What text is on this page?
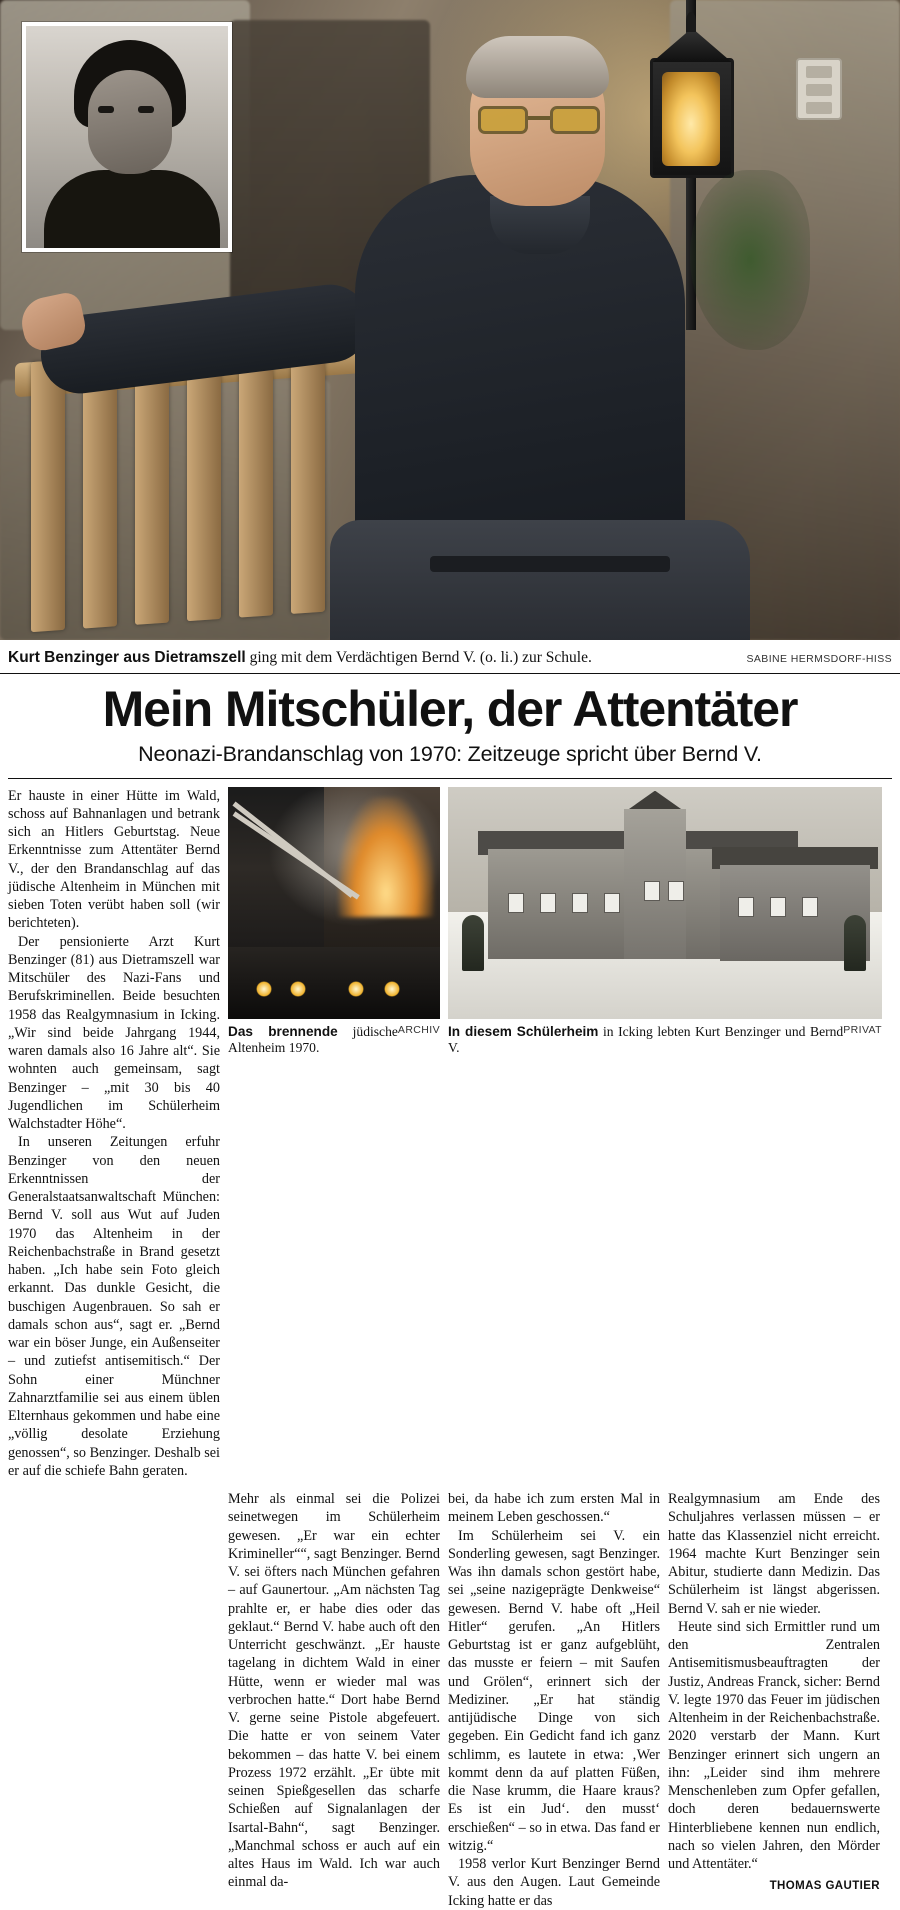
Kurt Benzinger aus Dietramszell ging mit dem Verdächtigen Bernd V. (o. li.) zur Schule.	SABINE HERMSDORF-HISS
Mein Mitschüler, der Attentäter
Neonazi-Brandanschlag von 1970: Zeitzeuge spricht über Bernd V.

Er hauste in einer Hütte im Wald, schoss auf Bahnanlagen und betrank sich an Hitlers Geburtstag. Neue Erkenntnisse zum Attentäter Bernd V., der den Brandanschlag auf das jüdische Altenheim in München mit sieben Toten verübt haben soll (wir berichteten).

Der pensionierte Arzt Kurt Benzinger (81) aus Dietramszell war Mitschüler des Nazi-Fans und Berufskriminellen. Beide besuchten 1958 das Realgymnasium in Icking. „Wir sind beide Jahrgang 1944, waren damals also 16 Jahre alt“. Sie wohnten auch gemeinsam, sagt Benzinger – „mit 30 bis 40 Jugendlichen im Schülerheim Walchstadter Höhe“.

In unseren Zeitungen erfuhr Benzinger von den neuen Erkenntnissen der Generalstaatsanwaltschaft München: Bernd V. soll aus Wut auf Juden 1970 das Altenheim in der Reichenbachstraße in Brand gesetzt haben. „Ich habe sein Foto gleich erkannt. Das dunkle Gesicht, die buschigen Augenbrauen. So sah er damals schon aus“, sagt er. „Bernd war ein böser Junge, ein Außenseiter – und zutiefst antisemitisch.“ Der Sohn einer Münchner Zahnarztfamilie sei aus einem üblen Elternhaus gekommen und habe eine „völlig desolate Erziehung genossen“, so Benzinger. Deshalb sei er auf die schiefe Bahn geraten.

ARCHIV
Das brennende jüdische Altenheim 1970.
PRIVAT
In diesem Schülerheim in Icking lebten Kurt Benzinger und Bernd V.

Mehr als einmal sei die Polizei seinetwegen im Schülerheim gewesen. „Er war ein echter Krimineller““, sagt Benzinger. Bernd V. sei öfters nach München gefahren – auf Gaunertour. „Am nächsten Tag prahlte er, er habe dies oder das geklaut.“ Bernd V. habe auch oft den Unterricht geschwänzt. „Er hauste tagelang in dichtem Wald in einer Hütte, wenn er wieder mal was verbrochen hatte.“ Dort habe Bernd V. gerne seine Pistole abgefeuert. Die hatte er von seinem Vater bekommen – das hatte V. bei einem Prozess 1972 erzählt. „Er übte mit seinen Spießgesellen das scharfe Schießen auf Signalanlagen der Isartal-Bahn“, sagt Benzinger. „Manchmal schoss er auch auf ein altes Haus im Wald. Ich war auch einmal da-

bei, da habe ich zum ersten Mal in meinem Leben geschossen.“

Im Schülerheim sei V. ein Sonderling gewesen, sagt Benzinger. Was ihn damals schon gestört habe, sei „seine nazigeprägte Denkweise“ gewesen. Bernd V. habe oft „Heil Hitler“ gerufen. „An Hitlers Geburtstag ist er ganz aufgeblüht, das musste er feiern – mit Saufen und Grölen“, erinnert sich der Mediziner. „Er hat ständig antijüdische Dinge von sich gegeben. Ein Gedicht fand ich ganz schlimm, es lautete in etwa: ‚Wer kommt denn da auf platten Füßen, die Nase krumm, die Haare kraus? Es ist ein Jud‘. den musst‘ erschießen“ – so in etwa. Das fand er witzig.“

1958 verlor Kurt Benzinger Bernd V. aus den Augen. Laut Gemeinde Icking hatte er das

Realgymnasium am Ende des Schuljahres verlassen müssen – er hatte das Klassenziel nicht erreicht. 1964 machte Kurt Benzinger sein Abitur, studierte dann Medizin. Das Schülerheim ist längst abgerissen. Bernd V. sah er nie wieder.

Heute sind sich Ermittler rund um den Zentralen Antisemitismusbeauftragten der Justiz, Andreas Franck, sicher: Bernd V. legte 1970 das Feuer im jüdischen Altenheim in der Reichenbachstraße. 2020 verstarb der Mann. Kurt Benzinger erinnert sich ungern an ihn: „Leider sind ihm mehrere Menschenleben zum Opfer gefallen, doch deren bedauernswerte Hinterbliebene kennen nun endlich, nach so vielen Jahren, den Mörder und Attentäter.“

THOMAS GAUTIER
